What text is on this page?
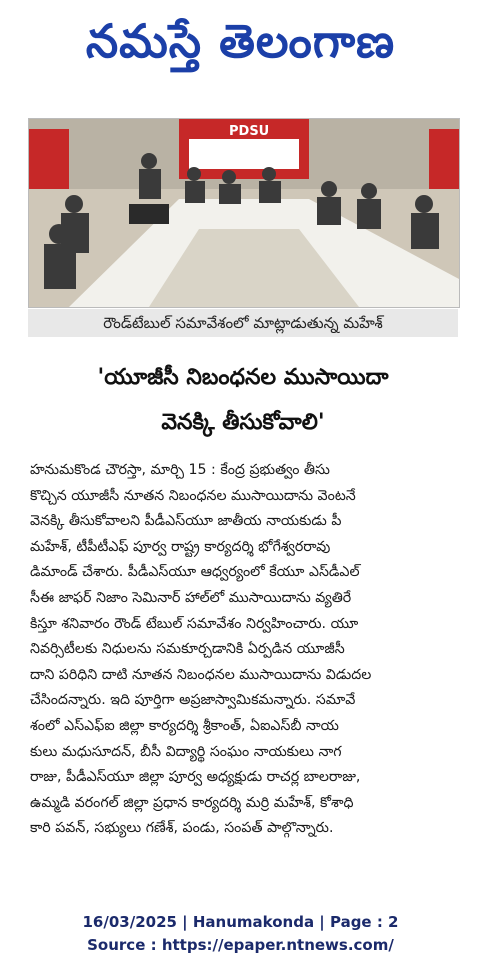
నమస్తే తెలంగాణ
PDSU
రౌండ్‌టేబుల్ సమావేశంలో మాట్లాడుతున్న మహేశ్
'యూజీసీ నిబంధనల ముసాయిదా
వెనక్కి తీసుకోవాలి'
హనుమకొండ చౌరస్తా, మార్చి 15 : కేంద్ర ప్రభుత్వం తీసు
కొచ్చిన యూజీసీ నూతన నిబంధనల ముసాయిదాను వెంటనే
వెనక్కి తీసుకోవాలని పీడీఎస్‌యూ జాతీయ నాయకుడు పీ
మహేశ్, టీపీటీఎఫ్ పూర్వ రాష్ట్ర కార్యదర్శి భోగేశ్వరరావు
డిమాండ్ చేశారు. పీడీఎస్‌యూ ఆధ్వర్యంలో కేయూ ఎస్‌డీఎల్
సీఈ జాఫర్ నిజాం సెమినార్ హాల్‌లో ముసాయిదాను వ్యతిరే
కిస్తూ శనివారం రౌండ్ టేబుల్ సమావేశం నిర్వహించారు. యూ
నివర్సిటీలకు నిధులను సమకూర్చడానికి ఏర్పడిన యూజీసీ
దాని పరిధిని దాటి నూతన నిబంధనల ముసాయిదాను విడుదల
చేసిందన్నారు. ఇది పూర్తిగా అప్రజాస్వామికమన్నారు. సమావే
శంలో ఎస్‌ఎఫ్‌ఐ జిల్లా కార్యదర్శి శ్రీకాంత్, ఏఐఎస్‌బీ నాయ
కులు మధుసూదన్, బీసీ విద్యార్థి సంఘం నాయకులు నాగ
రాజు, పీడీఎస్‌యూ జిల్లా పూర్వ అధ్యక్షుడు రాచర్ల బాలరాజు,
ఉమ్మడి వరంగల్ జిల్లా ప్రధాన కార్యదర్శి మర్రి మహేశ్, కోశాధి
కారి పవన్, సభ్యులు గణేశ్, పండు, సంపత్ పాల్గొన్నారు.
16/03/2025 | Hanumakonda | Page : 2
Source : https://epaper.ntnews.com/
